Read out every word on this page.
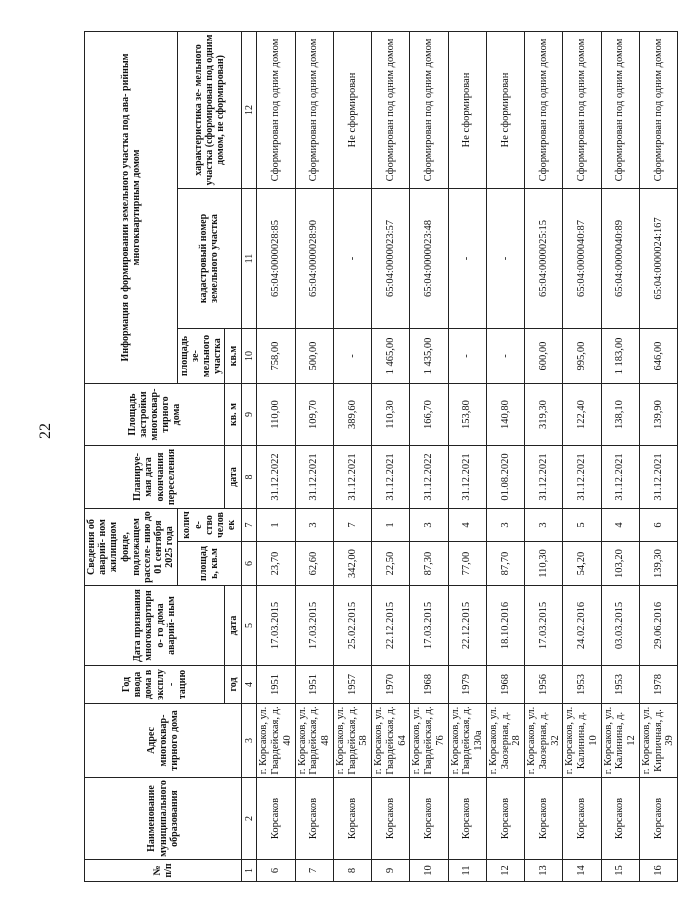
22
№ п/п	Наименование муниципального образования	Адрес многоквар- тирного дома	Год ввода дома в эксплу- тацию	Дата признания многоквартирно- го дома аварий- ным	Сведения об аварий- ном жилищном фонде, подлежащем расселе- нию до 01 сентября 2025 года		Планируе- мая дата окончания переселения	Площадь застройки многоквар- тирного дома	Информация о формировании земельного участка под ава- рийным многоквартирным домом		
					площадь, кв.м	количе- ство человек			площадь зе- мельного участка	кадастровый номер земельного участка	характеристика зе- мельного участка (сформирован под одним домом, не сформирован)
			год	дата			дата	кв. м	кв.м		
1	2	3	4	5	6	7	8	9	10	11	12
6	Корсаков	г. Корсаков, ул. Гвардейская, д. 40	1951	17.03.2015	23,70	1	31.12.2022	110,00	758,00	65:04:0000028:85	Сформирован под одним домом
7	Корсаков	г. Корсаков, ул. Гвардейская, д. 48	1951	17.03.2015	62,60	3	31.12.2021	109,70	500,00	65:04:0000028:90	Сформирован под одним домом
8	Корсаков	г. Корсаков, ул. Гвардейская, д. 58	1957	25.02.2015	342,00	7	31.12.2021	389,60	-	-	Не сформирован
9	Корсаков	г. Корсаков, ул. Гвардейская, д. 64	1970	22.12.2015	22,50	1	31.12.2021	110,30	1 465,00	65:04:0000023:57	Сформирован под одним домом
10	Корсаков	г. Корсаков, ул. Гвардейская, д. 76	1968	17.03.2015	87,30	3	31.12.2022	166,70	1 435,00	65:04:0000023:48	Сформирован под одним домом
11	Корсаков	г. Корсаков, ул. Гвардейская, д. 130а	1979	22.12.2015	77,00	4	31.12.2021	153,80	-	-	Не сформирован
12	Корсаков	г. Корсаков, ул. Заозерная, д. 28	1968	18.10.2016	87,70	3	01.08.2020	140,80	-	-	Не сформирован
13	Корсаков	г. Корсаков, ул. Заозерная, д. 32	1956	17.03.2015	110,30	3	31.12.2021	319,30	600,00	65:04:0000025:15	Сформирован под одним домом
14	Корсаков	г. Корсаков, ул. Калинина, д. 10	1953	24.02.2016	54,20	5	31.12.2021	122,40	995,00	65:04:0000040:87	Сформирован под одним домом
15	Корсаков	г. Корсаков, ул. Калинина, д. 12	1953	03.03.2015	103,20	4	31.12.2021	138,10	1 183,00	65:04:0000040:89	Сформирован под одним домом
16	Корсаков	г. Корсаков, ул. Кирпичная, д. 39	1978	29.06.2016	139,30	6	31.12.2021	139,90	646,00	65:04:0000024:167	Сформирован под одним домом
